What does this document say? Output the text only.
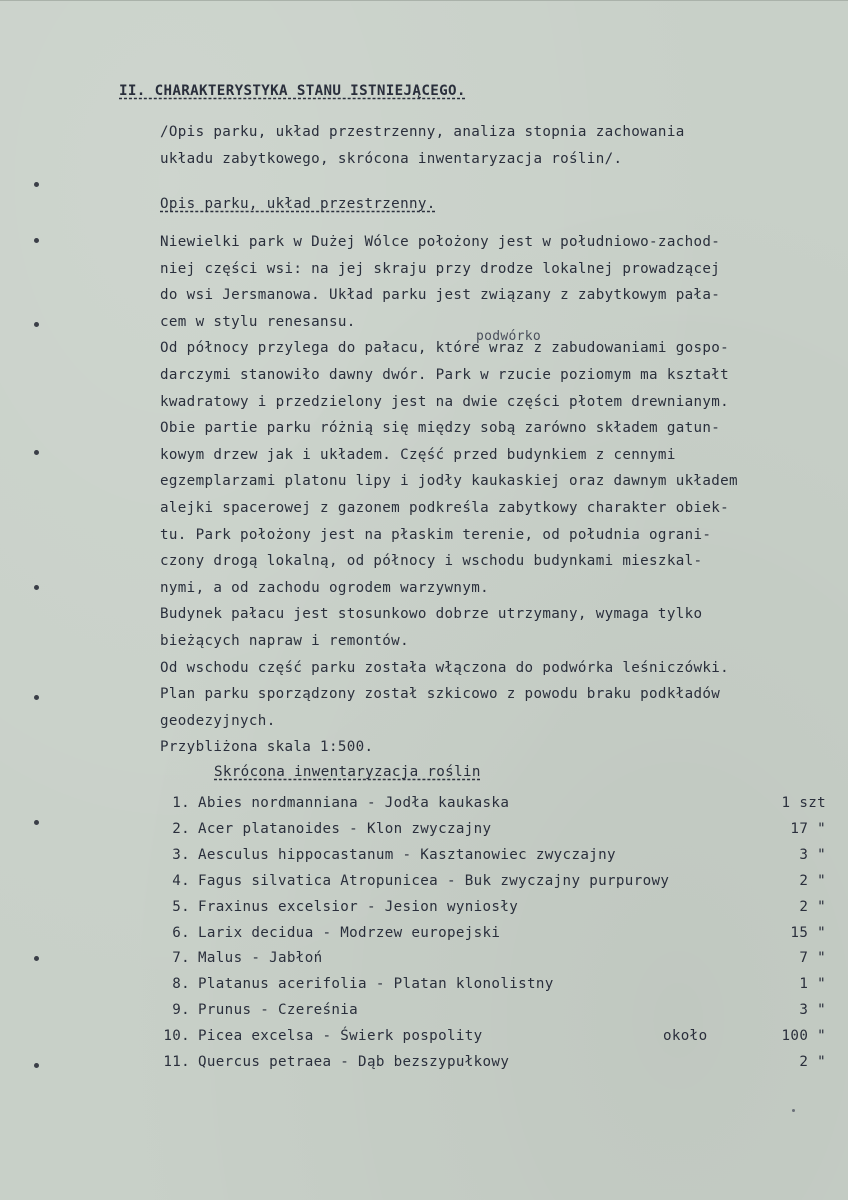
II. CHARAKTERYSTYKA STANU ISTNIEJĄCEGO.
/Opis parku, układ przestrzenny, analiza stopnia zachowania
układu zabytkowego, skrócona inwentaryzacja roślin/.
Opis parku, układ przestrzenny.
podwórko
Niewielki park w Dużej Wólce położony jest w południowo-zachod-
niej części wsi: na jej skraju przy drodze lokalnej prowadzącej
do wsi Jersmanowa. Układ parku jest związany z zabytkowym pała-
cem w stylu renesansu.
Od północy przylega do pałacu, które wraz z zabudowaniami gospo-
darczymi stanowiło dawny dwór. Park w rzucie poziomym ma kształt
kwadratowy i przedzielony jest na dwie części płotem drewnianym.
Obie partie parku różnią się między sobą zarówno składem gatun-
kowym drzew jak i układem. Część przed budynkiem z cennymi
egzemplarzami platonu lipy i jodły kaukaskiej oraz dawnym układem
alejki spacerowej z gazonem podkreśla zabytkowy charakter obiek-
tu. Park położony jest na płaskim terenie, od południa ograni-
czony drogą lokalną, od północy i wschodu budynkami mieszkal-
nymi, a od zachodu ogrodem warzywnym.
Budynek pałacu jest stosunkowo dobrze utrzymany, wymaga tylko
bieżących napraw i remontów.
Od wschodu część parku została włączona do podwórka leśniczówki.
Plan parku sporządzony został szkicowo z powodu braku podkładów
geodezyjnych.
Przybliżona skala 1:500.
Skrócona inwentaryzacja roślin
1. Abies nordmanniana - Jodła kaukaska	1 szt
2. Acer platanoides - Klon zwyczajny	17 "
3. Aesculus hippocastanum - Kasztanowiec zwyczajny	3 "
4. Fagus silvatica Atropunicea - Buk zwyczajny purpurowy	2 "
5. Fraxinus excelsior - Jesion wyniosły	2 "
6. Larix decidua - Modrzew europejski	15 "
7. Malus - Jabłoń	7 "
8. Platanus acerifolia - Platan klonolistny	1 "
9. Prunus - Czereśnia	3 "
10. Picea excelsa - Świerk pospolity	około	100 "
11. Quercus petraea - Dąb bezszypułkowy	2 "
